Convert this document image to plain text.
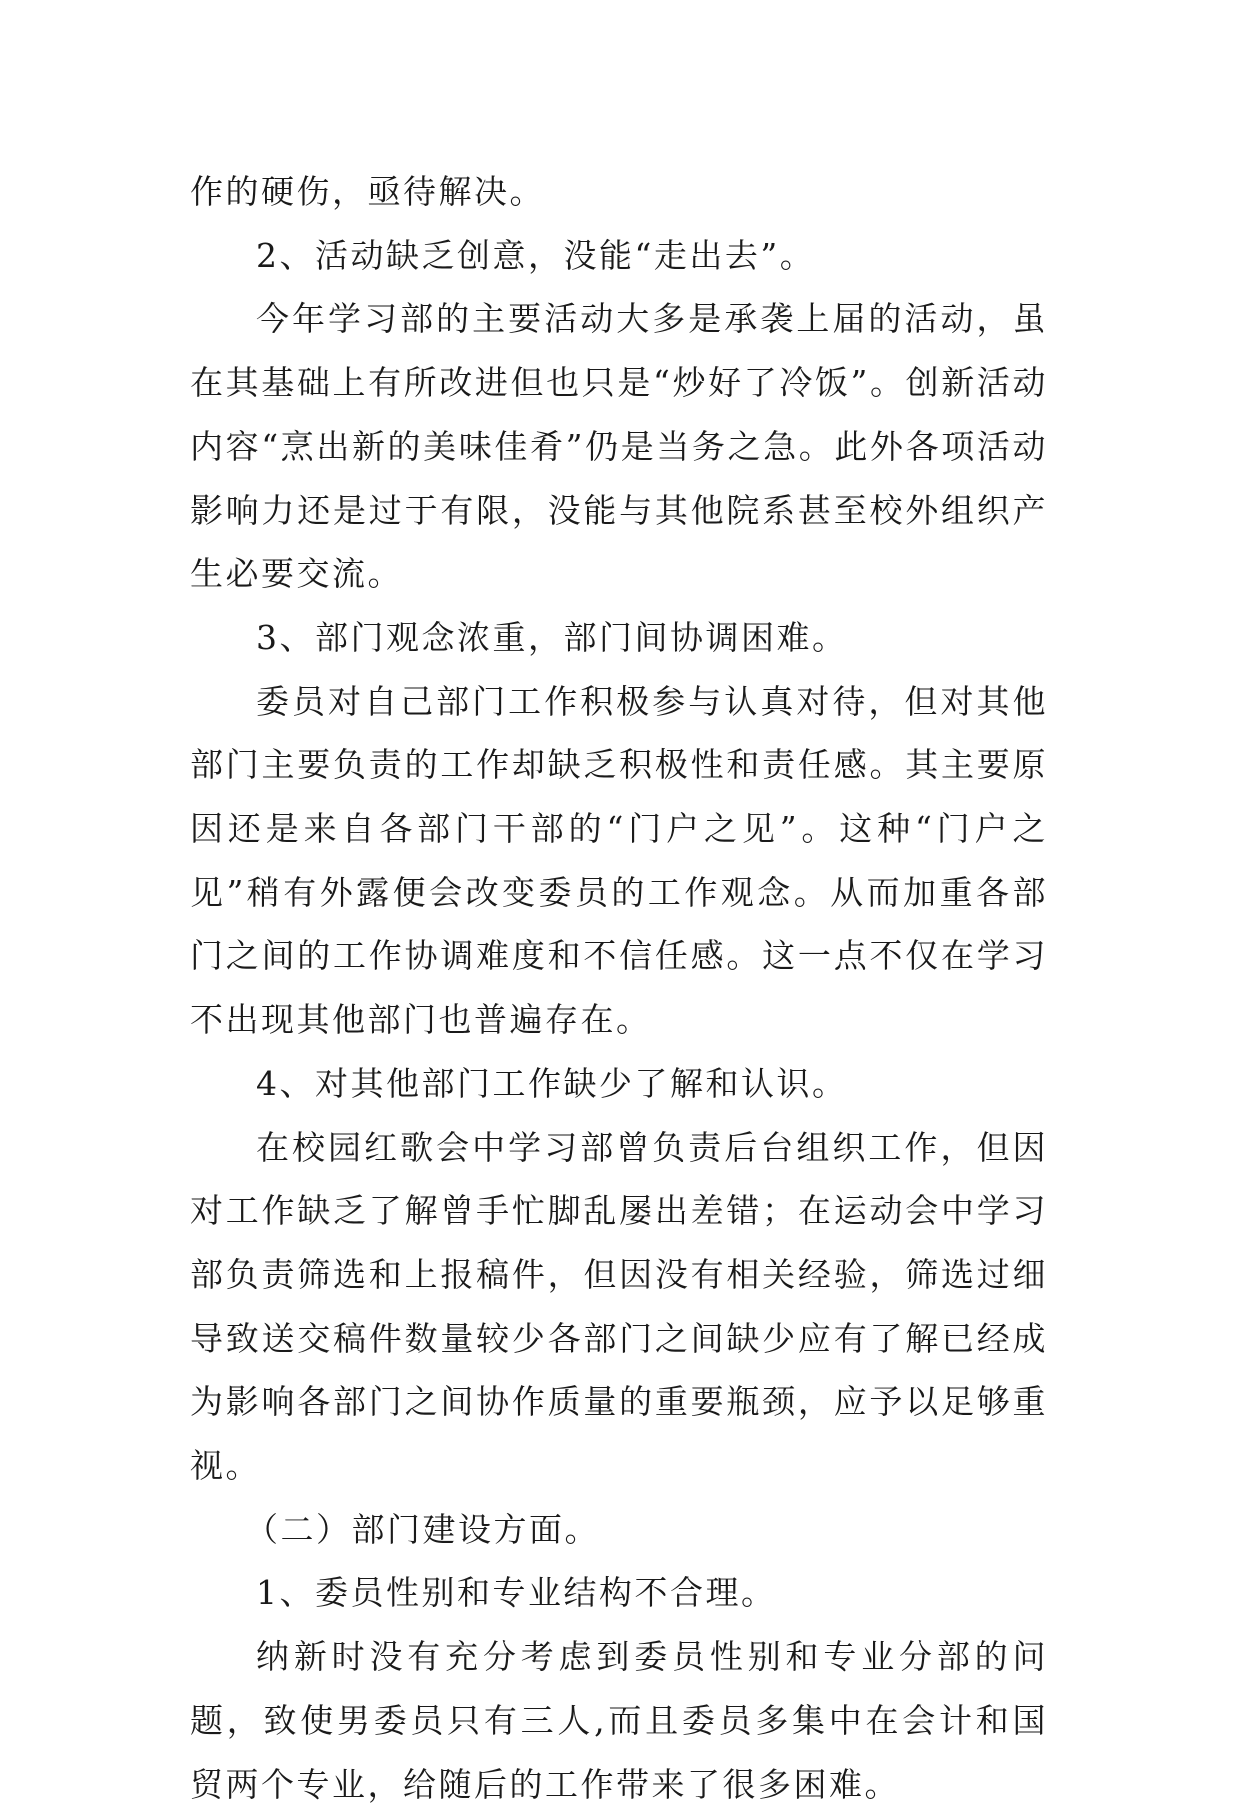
作的硬伤，亟待解决。

2、活动缺乏创意，没能“走出去”。

今年学习部的主要活动大多是承袭上届的活动，虽在其基础上有所改进但也只是“炒好了冷饭”。创新活动内容“烹出新的美味佳肴”仍是当务之急。此外各项活动影响力还是过于有限，没能与其他院系甚至校外组织产生必要交流。

3、部门观念浓重，部门间协调困难。

委员对自己部门工作积极参与认真对待，但对其他部门主要负责的工作却缺乏积极性和责任感。其主要原因还是来自各部门干部的“门户之见”。这种“门户之见”稍有外露便会改变委员的工作观念。从而加重各部门之间的工作协调难度和不信任感。这一点不仅在学习不出现其他部门也普遍存在。

4、对其他部门工作缺少了解和认识。

在校园红歌会中学习部曾负责后台组织工作，但因对工作缺乏了解曾手忙脚乱屡出差错；在运动会中学习部负责筛选和上报稿件，但因没有相关经验，筛选过细导致送交稿件数量较少各部门之间缺少应有了解已经成为影响各部门之间协作质量的重要瓶颈，应予以足够重视。

（二）部门建设方面。

1、委员性别和专业结构不合理。

纳新时没有充分考虑到委员性别和专业分部的问题，致使男委员只有三人,而且委员多集中在会计和国贸两个专业，给随后的工作带来了很多困难。
